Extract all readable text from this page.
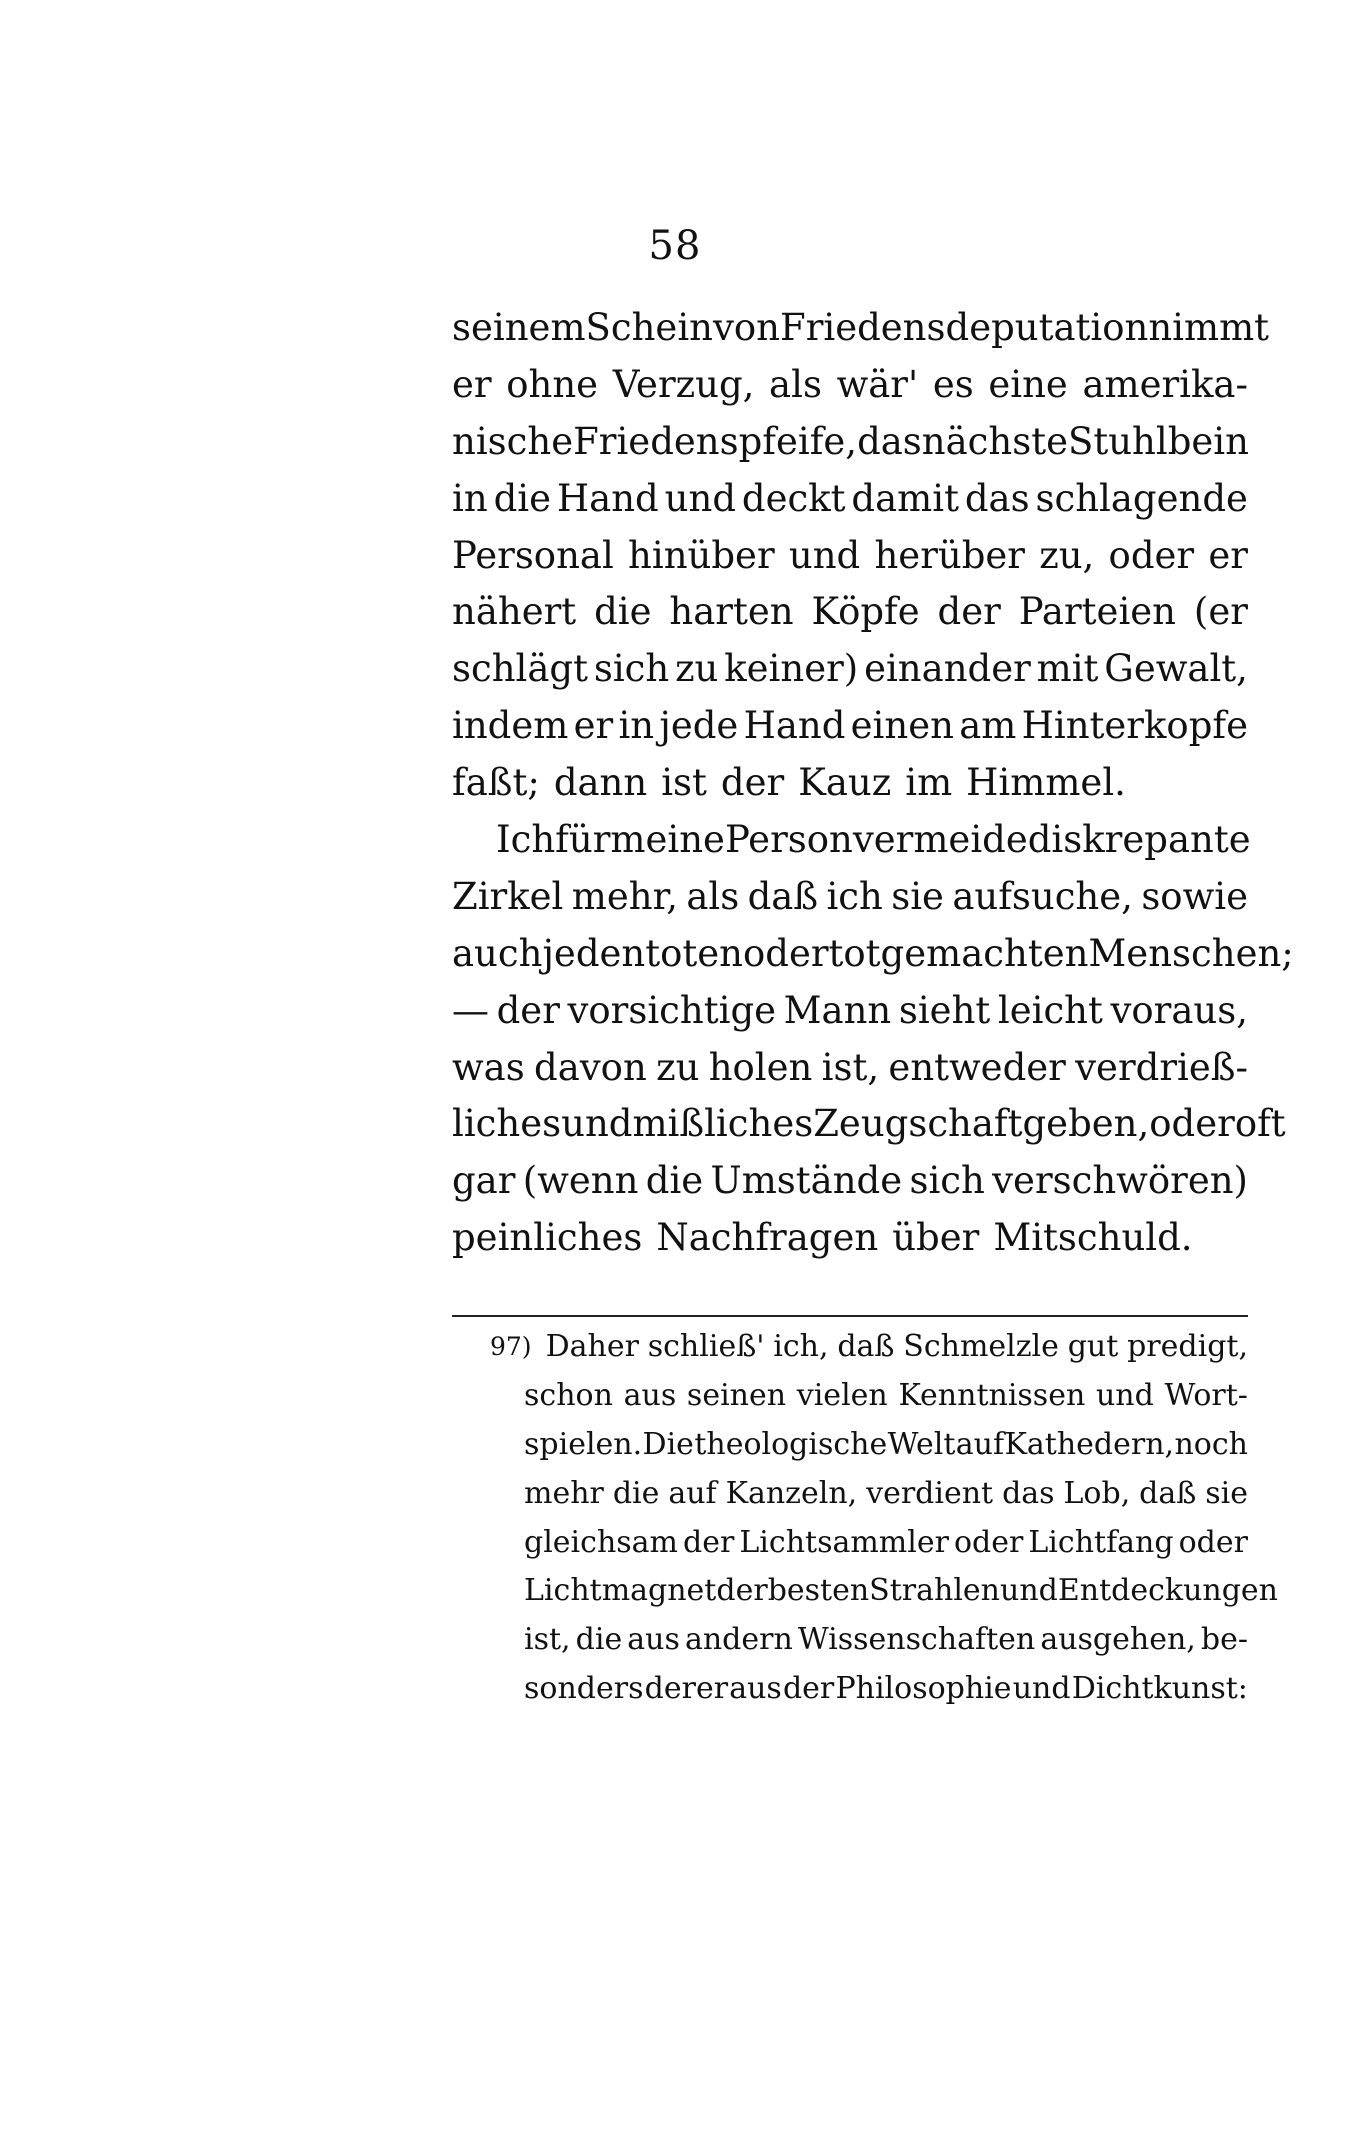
58
seinem Schein von Friedensdeputation nimmt
er ohne Verzug, als wär' es eine amerika-
nische Friedenspfeife, das nächste Stuhlbein
in die Hand und deckt damit das schlagende
Personal hinüber und herüber zu, oder er
nähert die harten Köpfe der Parteien (er
schlägt sich zu keiner) einander mit Gewalt,
indem er in jede Hand einen am Hinterkopfe
faßt; dann ist der Kauz im Himmel.
Ich für meine Person vermeide diskrepante
Zirkel mehr, als daß ich sie aufsuche, sowie
auch jeden toten oder totgemachten Menschen;
— der vorsichtige Mann sieht leicht voraus,
was davon zu holen ist, entweder verdrieß-
liches und mißliches Zeugschaftgeben, oder oft
gar (wenn die Umstände sich verschwören)
peinliches Nachfragen über Mitschuld.
97) Daher schließ' ich, daß Schmelzle gut predigt,
schon aus seinen vielen Kenntnissen und Wort-
spielen. Die theologische Welt auf Kathedern, noch
mehr die auf Kanzeln, verdient das Lob, daß sie
gleichsam der Lichtsammler oder Lichtfang oder
Lichtmagnet der besten Strahlen und Entdeckungen
ist, die aus andern Wissenschaften ausgehen, be-
sonders derer aus der Philosophie und Dichtkunst:
